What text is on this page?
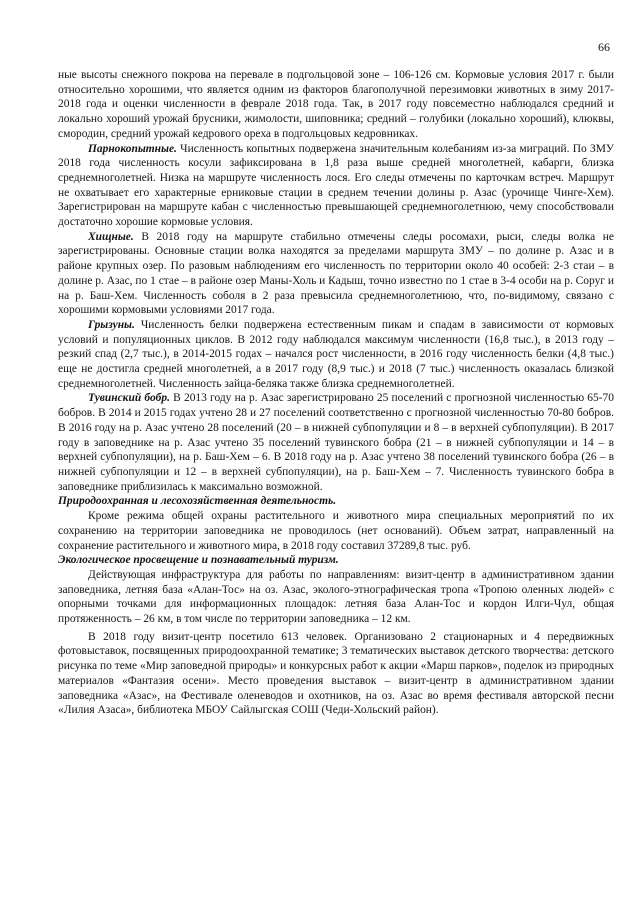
66

ные высоты снежного покрова на перевале в подгольцовой зоне – 106-126 см. Кормовые условия 2017 г. были относительно хорошими, что является одним из факторов благополучной перезимовки животных в зиму 2017-2018 года и оценки численности в феврале 2018 года. Так, в 2017 году повсеместно наблюдался средний и локально хороший урожай брусники, жимолости, шиповника; средний – голубики (локально хороший), клюквы, смородин, средний урожай кедрового ореха в подгольцовых кедровниках.

Парнокопытные. Численность копытных подвержена значительным колебаниям из-за миграций. По ЗМУ 2018 года численность косули зафиксирована в 1,8 раза выше средней многолетней, кабарги, близка среднемноголетней. Низка на маршруте численность лося. Его следы отмечены по карточкам встреч. Маршрут не охватывает его характерные ерниковые стации в среднем течении долины р. Азас (урочище Чинге-Хем). Зарегистрирован на маршруте кабан с численностью превышающей среднемноголетнюю, чему способствовали достаточно хорошие кормовые условия.

Хищные. В 2018 году на маршруте стабильно отмечены следы росомахи, рыси, следы волка не зарегистрированы. Основные стации волка находятся за пределами маршрута ЗМУ – по долине р. Азас и в районе крупных озер. По разовым наблюдениям его численность по территории около 40 особей: 2-3 стаи – в долине р. Азас, по 1 стае – в районе озер Маны-Холь и Кадыш, точно известно по 1 стае в 3-4 особи на р. Соруг и на р. Баш-Хем. Численность соболя в 2 раза превысила среднемноголетнюю, что, по-видимому, связано с хорошими кормовыми условиями 2017 года.

Грызуны. Численность белки подвержена естественным пикам и спадам в зависимости от кормовых условий и популяционных циклов. В 2012 году наблюдался максимум численности (16,8 тыс.), в 2013 году – резкий спад (2,7 тыс.), в 2014-2015 годах – начался рост численности, в 2016 году численность белки (4,8 тыс.) еще не достигла средней многолетней, а в 2017 году (8,9 тыс.) и 2018 (7 тыс.) численность оказалась близкой среднемноголетней. Численность зайца-беляка также близка среднемноголетней.

Тувинский бобр. В 2013 году на р. Азас зарегистрировано 25 поселений с прогнозной численностью 65-70 бобров. В 2014 и 2015 годах учтено 28 и 27 поселений соответственно с прогнозной численностью 70-80 бобров. В 2016 году на р. Азас учтено 28 поселений (20 – в нижней субпопуляции и 8 – в верхней субпопуляции). В 2017 году в заповеднике на р. Азас учтено 35 поселений тувинского бобра (21 – в нижней субпопуляции и 14 – в верхней субпопуляции), на р. Баш-Хем – 6. В 2018 году на р. Азас учтено 38 поселений тувинского бобра (26 – в нижней субпопуляции и 12 – в верхней субпопуляции), на р. Баш-Хем – 7. Численность тувинского бобра в заповеднике приблизилась к максимально возможной.

Природоохранная и лесохозяйственная деятельность.

Кроме режима общей охраны растительного и животного мира специальных мероприятий по их сохранению на территории заповедника не проводилось (нет оснований). Объем затрат, направленный на сохранение растительного и животного мира, в 2018 году составил 37289,8 тыс. руб.

Экологическое просвещение и познавательный туризм.

Действующая инфраструктура для работы по направлениям: визит-центр в административном здании заповедника, летняя база «Алан-Тос» на оз. Азас, эколого-этнографическая тропа «Тропою оленных людей» с опорными точками для информационных площадок: летняя база Алан-Тос и кордон Илги-Чул, общая протяженность – 26 км, в том числе по территории заповедника – 12 км.

В 2018 году визит-центр посетило 613 человек. Организовано 2 стационарных и 4 передвижных фотовыставок, посвященных природоохранной тематике; 3 тематических выставок детского творчества: детского рисунка по теме «Мир заповедной природы» и конкурсных работ к акции «Марш парков», поделок из природных материалов «Фантазия осени». Место проведения выставок – визит-центр в административном здании заповедника «Азас», на Фестивале оленеводов и охотников, на оз. Азас во время фестиваля авторской песни «Лилия Азаса», библиотека МБОУ Сайлыгская СОШ (Чеди-Хольский район).
